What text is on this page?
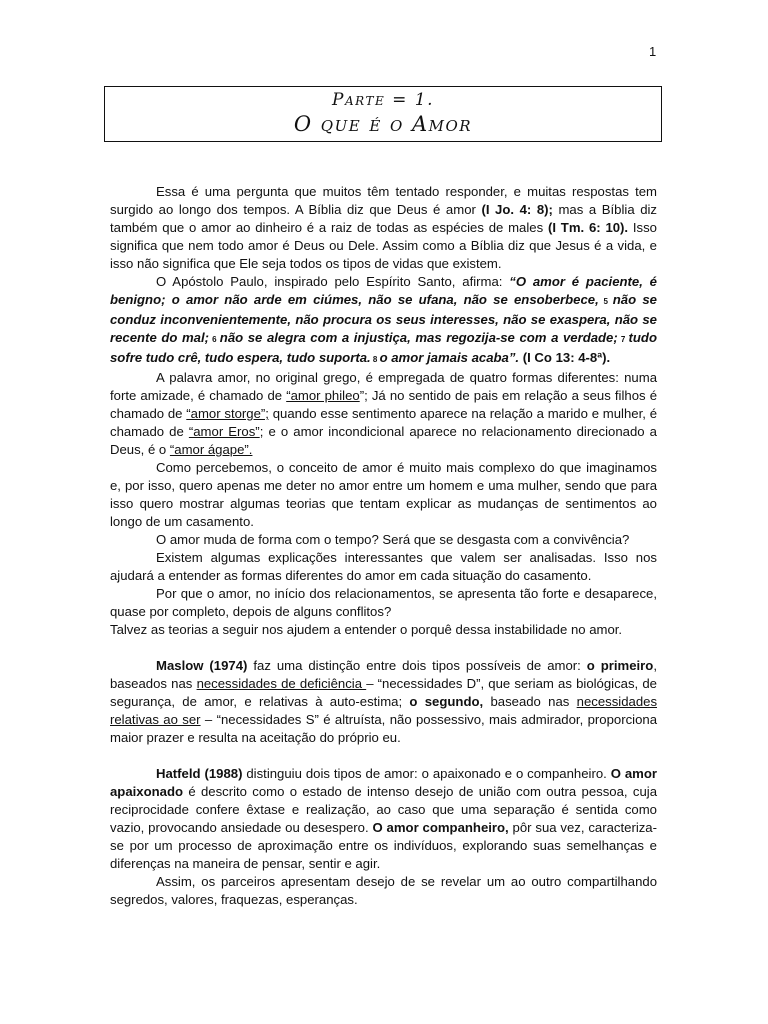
1
Parte = 1.
O que é o Amor

Essa é uma pergunta que muitos têm tentado responder, e muitas respostas tem surgido ao longo dos tempos. A Bíblia diz que Deus é amor (I Jo. 4: 8); mas a Bíblia diz também que o amor ao dinheiro é a raiz de todas as espécies de males (I Tm. 6: 10). Isso significa que nem todo amor é Deus ou Dele. Assim como a Bíblia diz que Jesus é a vida, e isso não significa que Ele seja todos os tipos de vidas que existem.

O Apóstolo Paulo, inspirado pelo Espírito Santo, afirma: “O amor é paciente, é benigno; o amor não arde em ciúmes, não se ufana, não se ensoberbece, 5 não se conduz inconvenientemente, não procura os seus interesses, não se exaspera, não se recente do mal; 6 não se alegra com a injustiça, mas regozija-se com a verdade; 7 tudo sofre tudo crê, tudo espera, tudo suporta. 8 o amor jamais acaba”. (I Co 13: 4-8ª).

A palavra amor, no original grego, é empregada de quatro formas diferentes: numa forte amizade, é chamado de “amor phileo”; Já no sentido de pais em relação a seus filhos é chamado de “amor storge”; quando esse sentimento aparece na relação a marido e mulher, é chamado de “amor Eros”; e o amor incondicional aparece no relacionamento direcionado a Deus, é o “amor ágape”.

Como percebemos, o conceito de amor é muito mais complexo do que imaginamos e, por isso, quero apenas me deter no amor entre um homem e uma mulher, sendo que para isso quero mostrar algumas teorias que tentam explicar as mudanças de sentimentos ao longo de um casamento.

O amor muda de forma com o tempo? Será que se desgasta com a convivência?

Existem algumas explicações interessantes que valem ser analisadas. Isso nos ajudará a entender as formas diferentes do amor em cada situação do casamento.

Por que o amor, no início dos relacionamentos, se apresenta tão forte e desaparece, quase por completo, depois de alguns conflitos?

Talvez as teorias a seguir nos ajudem a entender o porquê dessa instabilidade no amor.

Maslow (1974) faz uma distinção entre dois tipos possíveis de amor: o primeiro, baseados nas necessidades de deficiência – “necessidades D”, que seriam as biológicas, de segurança, de amor, e relativas à auto-estima; o segundo, baseado nas necessidades relativas ao ser – “necessidades S” é altruísta, não possessivo, mais admirador, proporciona maior prazer e resulta na aceitação do próprio eu.

Hatfeld (1988) distinguiu dois tipos de amor: o apaixonado e o companheiro. O amor apaixonado é descrito como o estado de intenso desejo de união com outra pessoa, cuja reciprocidade confere êxtase e realização, ao caso que uma separação é sentida como vazio, provocando ansiedade ou desespero. O amor companheiro, pôr sua vez, caracteriza-se por um processo de aproximação entre os indivíduos, explorando suas semelhanças e diferenças na maneira de pensar, sentir e agir.

Assim, os parceiros apresentam desejo de se revelar um ao outro compartilhando segredos, valores, fraquezas, esperanças.
